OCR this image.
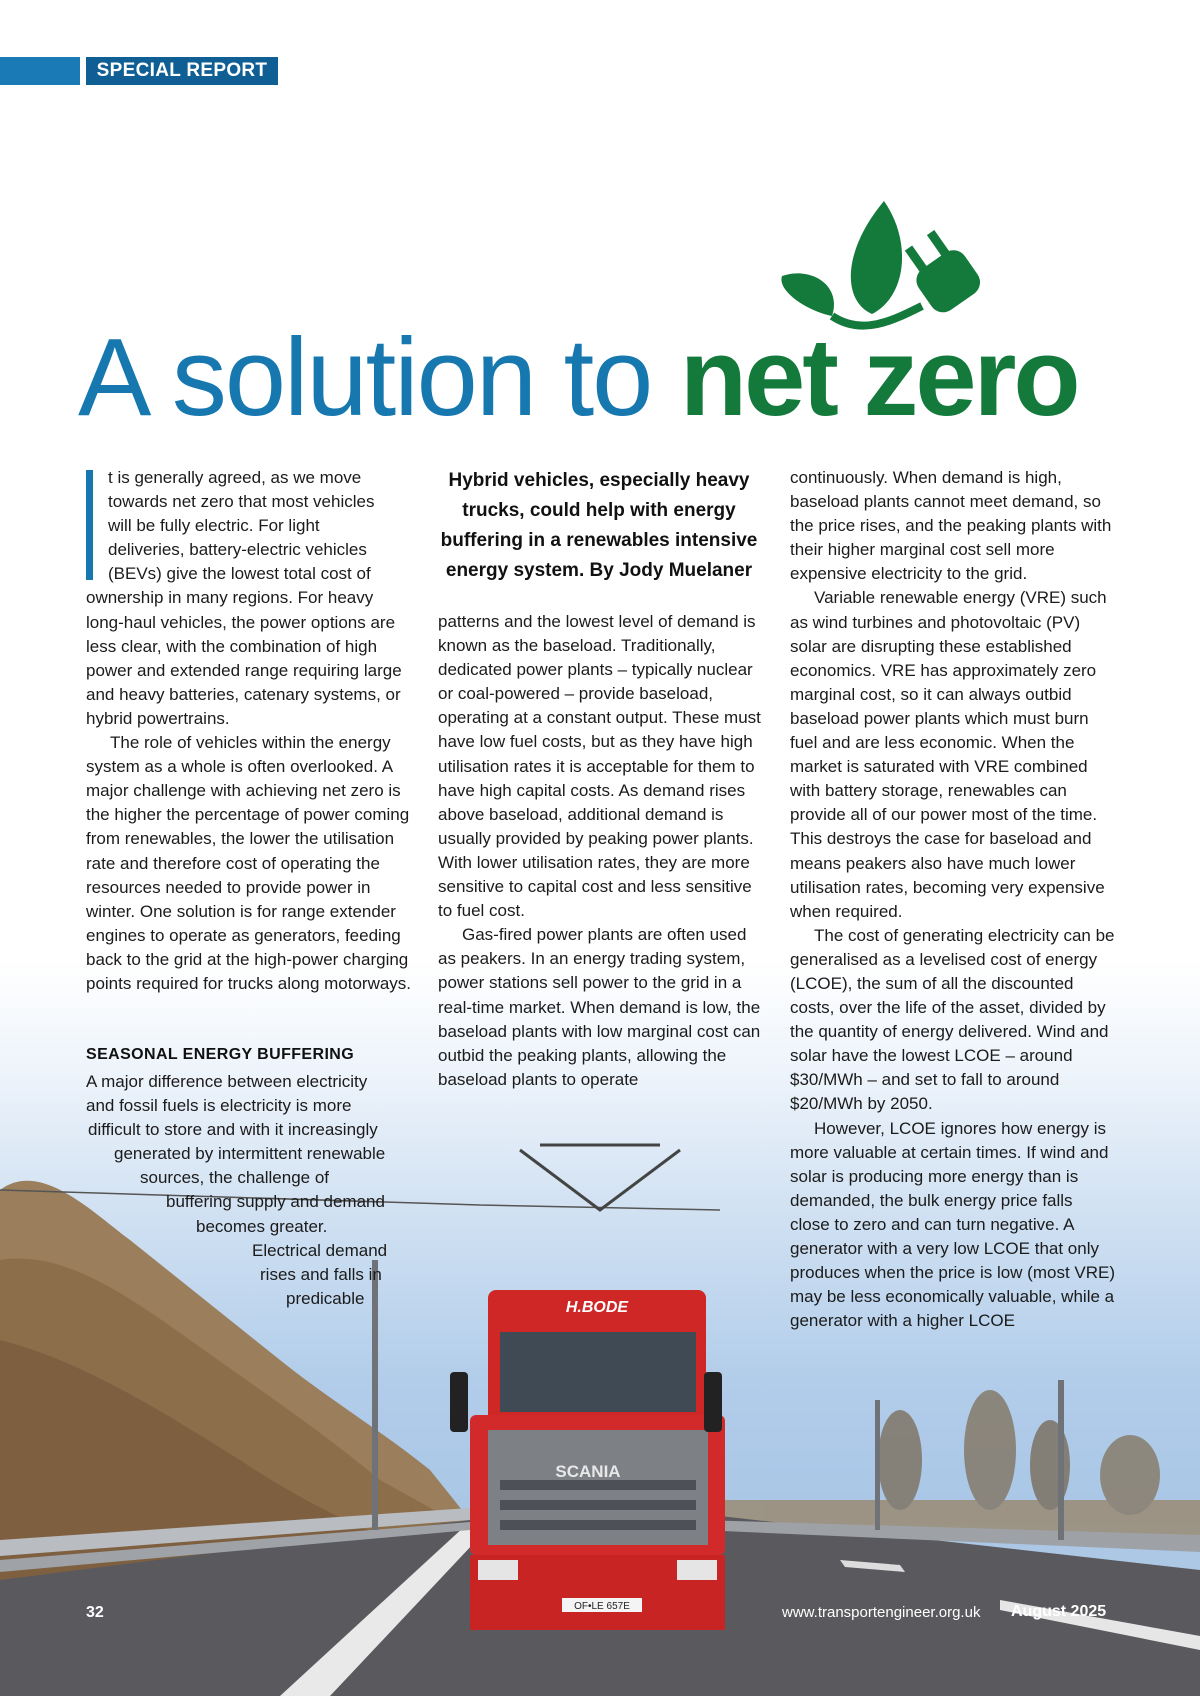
H.BODE
SCANIA
OF•LE 657E
SPECIAL REPORT
A solution to net zero
t is generally agreed, as we move
towards net zero that most vehicles
will be fully electric. For light
deliveries, battery-electric vehicles
(BEVs) give the lowest total cost of

ownership in many regions. For heavy long-haul vehicles, the power options are less clear, with the combination of high power and extended range requiring large and heavy batteries, catenary systems, or hybrid powertrains.

The role of vehicles within the energy system as a whole is often overlooked. A major challenge with achieving net zero is the higher the percentage of power coming from renewables, the lower the utilisation rate and therefore cost of operating the resources needed to provide power in winter. One solution is for range extender engines to operate as generators, feeding back to the grid at the high-power charging points required for trucks along motorways.

SEASONAL ENERGY BUFFERING
A major difference between electricity
and fossil fuels is electricity is more
difficult to store and with it increasingly
generated by intermittent renewable
sources, the challenge of
buffering supply and demand
becomes greater.
Electrical demand
rises and falls in
predicable
Hybrid vehicles, especially heavy trucks, could help with energy buffering in a renewables intensive energy system. By Jody Muelaner

patterns and the lowest level of demand is known as the baseload. Traditionally, dedicated power plants – typically nuclear or coal-powered – provide baseload, operating at a constant output. These must have low fuel costs, but as they have high utilisation rates it is acceptable for them to have high capital costs. As demand rises above baseload, additional demand is usually provided by peaking power plants. With lower utilisation rates, they are more sensitive to capital cost and less sensitive to fuel cost.

Gas-fired power plants are often used as peakers. In an energy trading system, power stations sell power to the grid in a real-time market. When demand is low, the baseload plants with low marginal cost can outbid the peaking plants, allowing the baseload plants to operate

continuously. When demand is high, baseload plants cannot meet demand, so the price rises, and the peaking plants with their higher marginal cost sell more expensive electricity to the grid.

Variable renewable energy (VRE) such as wind turbines and photovoltaic (PV) solar are disrupting these established economics. VRE has approximately zero marginal cost, so it can always outbid baseload power plants which must burn fuel and are less economic. When the market is saturated with VRE combined with battery storage, renewables can provide all of our power most of the time. This destroys the case for baseload and means peakers also have much lower utilisation rates, becoming very expensive when required.

The cost of generating electricity can be generalised as a levelised cost of energy (LCOE), the sum of all the discounted costs, over the life of the asset, divided by the quantity of energy delivered. Wind and solar have the lowest LCOE – around $30/MWh – and set to fall to around $20/MWh by 2050.

However, LCOE ignores how energy is more valuable at certain times. If wind and solar is producing more energy than is demanded, the bulk energy price falls close to zero and can turn negative. A generator with a very low LCOE that only produces when the price is low (most VRE) may be less economically valuable, while a generator with a higher LCOE

32	www.transportengineer.org.uk August 2025
